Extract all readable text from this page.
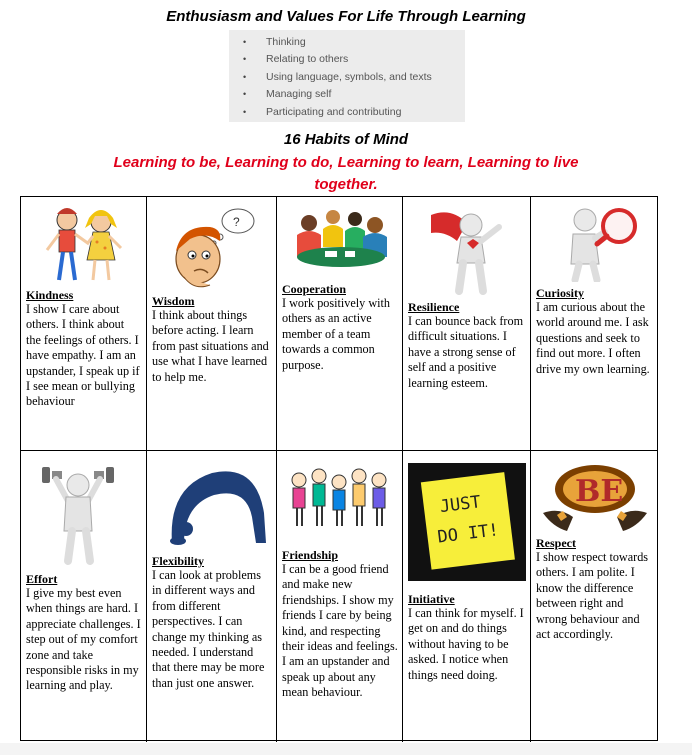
Enthusiasm and Values For Life Through Learning
• Thinking
• Relating to others
• Using language, symbols, and texts
• Managing self
• Participating and contributing
16 Habits of Mind
Learning to be, Learning to do, Learning to learn, Learning to live together.
Kindness
I show I care about others. I think about the feelings of others. I have empathy. I am an upstander, I speak up if I see mean or bullying behaviour
?
Wisdom
I think about things before acting. I learn from past situations and use what I have learned to help me.
Cooperation
I work positively with others as an active member of a team towards a common purpose.
Resilience
I can bounce back from difficult situations. I have a strong sense of self and a positive learning esteem.
Curiosity
I am curious about the world around me. I ask questions and seek to find out more. I often drive my own learning.
Effort
I give my best even when things are hard. I appreciate challenges. I step out of my comfort zone and take responsible risks in my learning and play.
Flexibility
I can look at problems in different ways and from different perspectives. I can change my thinking as needed. I understand that there may be more than just one answer.
Friendship
I can be a good friend and make new friendships. I show my friends I care by being kind, and respecting their ideas and feelings. I am an upstander and speak up about any mean behaviour.
JUSTDO IT!
Initiative
I can think for myself. I get on and do things without having to be asked. I notice when things need doing.
BE
Respect
I show respect towards others. I am polite. I know the difference between right and wrong behaviour and act accordingly.
